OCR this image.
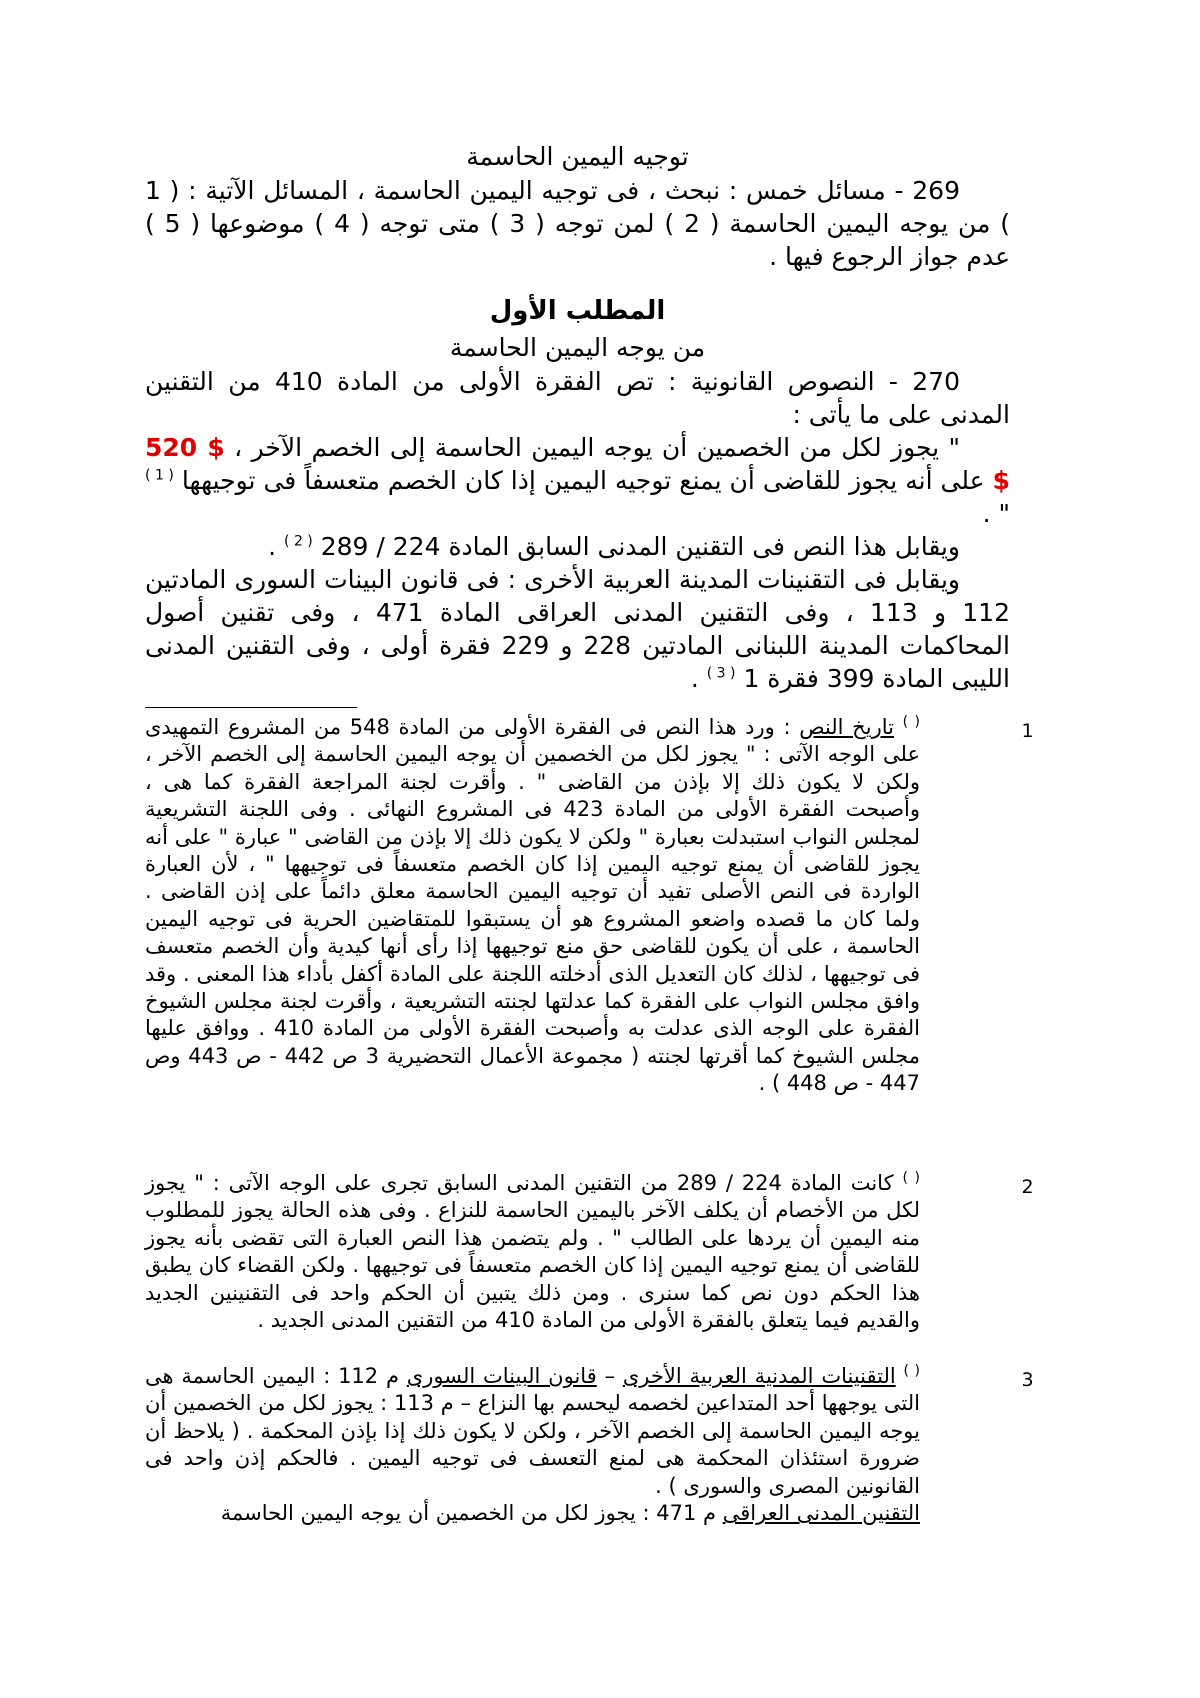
توجيه اليمين الحاسمة

269 - مسائل خمس : نبحث ، فى توجيه اليمين الحاسمة ، المسائل الآتية : ( 1 ) من يوجه اليمين الحاسمة ( 2 ) لمن توجه ( 3 ) متى توجه ( 4 ) موضوعها ( 5 ) عدم جواز الرجوع فيها .

المطلب الأول

من يوجه اليمين الحاسمة

270 - النصوص القانونية : تص الفقرة الأولى من المادة 410 من التقنين المدنى على ما يأتى :

" يجوز لكل من الخصمين أن يوجه اليمين الحاسمة إلى الخصم الآخر ، $ 520 $ على أنه يجوز للقاضى أن يمنع توجيه اليمين إذا كان الخصم متعسفاً فى توجيهها $^{( 1 )}$ " .

ويقابل هذا النص فى التقنين المدنى السابق المادة 224 / 289 $^{( 2 )}$ .

ويقابل فى التقنينات المدينة العربية الأخرى : فى قانون البينات السورى المادتين 112 و 113 ، وفى التقنين المدنى العراقى المادة 471 ، وفى تقنين أصول المحاكمات المدينة اللبنانى المادتين 228 و 229 فقرة أولى ، وفى التقنين المدنى الليبى المادة 399 فقرة 1 $^{( 3 )}$ .

( ) تاريخ النص : ورد هذا النص فى الفقرة الأولى من المادة 548 من المشروع التمهيدى على الوجه الآتى : " يجوز لكل من الخصمين أن يوجه اليمين الحاسمة إلى الخصم الآخر ، ولكن لا يكون ذلك إلا بإذن من القاضى " . وأقرت لجنة المراجعة الفقرة كما هى ، وأصبحت الفقرة الأولى من المادة 423 فى المشروع النهائى . وفى اللجنة التشريعية لمجلس النواب استبدلت بعبارة " ولكن لا يكون ذلك إلا بإذن من القاضى " عبارة " على أنه يجوز للقاضى أن يمنع توجيه اليمين إذا كان الخصم متعسفاً فى توجيهها " ، لأن العبارة الواردة فى النص الأصلى تفيد أن توجيه اليمين الحاسمة معلق دائماً على إذن القاضى . ولما كان ما قصده واضعو المشروع هو أن يستبقوا للمتقاضين الحرية فى توجيه اليمين الحاسمة ، على أن يكون للقاضى حق منع توجيهها إذا رأى أنها كيدية وأن الخصم متعسف فى توجيهها ، لذلك كان التعديل الذى أدخلته اللجنة على المادة أكفل بأداء هذا المعنى . وقد وافق مجلس النواب على الفقرة كما عدلتها لجنته التشريعية ، وأقرت لجنة مجلس الشيوخ الفقرة على الوجه الذى عدلت به وأصبحت الفقرة الأولى من المادة 410 . ووافق عليها مجلس الشيوخ كما أقرتها لجنته ( مجموعة الأعمال التحضيرية 3 ص 442 - ص 443 وص 447 - ص 448 ) .

1

( ) كانت المادة 224 / 289 من التقنين المدنى السابق تجرى على الوجه الآتى : " يجوز لكل من الأخصام أن يكلف الآخر باليمين الحاسمة للنزاع . وفى هذه الحالة يجوز للمطلوب منه اليمين أن يردها على الطالب " . ولم يتضمن هذا النص العبارة التى تقضى بأنه يجوز للقاضى أن يمنع توجيه اليمين إذا كان الخصم متعسفاً فى توجيهها . ولكن القضاء كان يطبق هذا الحكم دون نص كما سنرى . ومن ذلك يتبين أن الحكم واحد فى التقنينين الجديد والقديم فيما يتعلق بالفقرة الأولى من المادة 410 من التقنين المدنى الجديد .

2

( ) التقنينات المدنية العربية الأخرى – قانون البينات السورى م 112 : اليمين الحاسمة هى التى يوجهها أحد المتداعين لخصمه ليحسم بها النزاع – م 113 : يجوز لكل من الخصمين أن يوجه اليمين الحاسمة إلى الخصم الآخر ، ولكن لا يكون ذلك إذا بإذن المحكمة . ( يلاحظ أن ضرورة استئذان المحكمة هى لمنع التعسف فى توجيه اليمين . فالحكم إذن واحد فى القانونين المصرى والسورى ) .
التقنين المدنى العراقى م 471 : يجوز لكل من الخصمين أن يوجه اليمين الحاسمة

3
